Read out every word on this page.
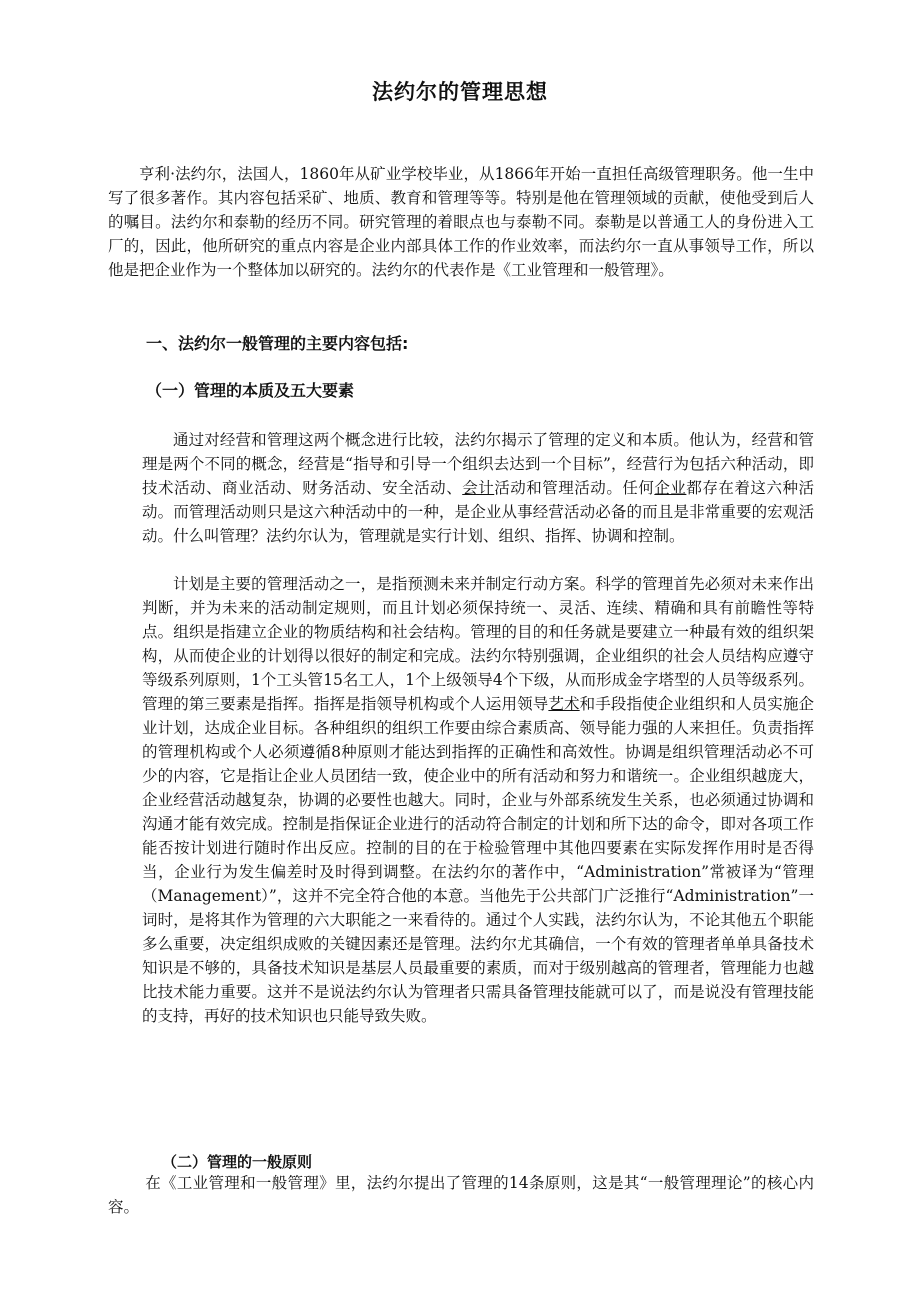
法约尔的管理思想

亨利·法约尔，法国人，1860年从矿业学校毕业，从1866年开始一直担任高级管理职务。他一生中写了很多著作。其内容包括采矿、地质、教育和管理等等。特别是他在管理领域的贡献，使他受到后人的嘱目。法约尔和泰勒的经历不同。研究管理的着眼点也与泰勒不同。泰勒是以普通工人的身份进入工厂的，因此，他所研究的重点内容是企业内部具体工作的作业效率，而法约尔一直从事领导工作，所以他是把企业作为一个整体加以研究的。法约尔的代表作是《工业管理和一般管理》。

一、法约尔一般管理的主要内容包括:
（一）管理的本质及五大要素

通过对经营和管理这两个概念进行比较，法约尔揭示了管理的定义和本质。他认为，经营和管理是两个不同的概念，经营是“指导和引导一个组织去达到一个目标”，经营行为包括六种活动，即技术活动、商业活动、财务活动、安全活动、会计活动和管理活动。任何企业都存在着这六种活动。而管理活动则只是这六种活动中的一种，是企业从事经营活动必备的而且是非常重要的宏观活动。什么叫管理？法约尔认为，管理就是实行计划、组织、指挥、协调和控制。

计划是主要的管理活动之一，是指预测未来并制定行动方案。科学的管理首先必须对未来作出判断，并为未来的活动制定规则，而且计划必须保持统一、灵活、连续、精确和具有前瞻性等特点。组织是指建立企业的物质结构和社会结构。管理的目的和任务就是要建立一种最有效的组织架构，从而使企业的计划得以很好的制定和完成。法约尔特别强调，企业组织的社会人员结构应遵守等级系列原则，1个工头管15名工人，1个上级领导4个下级，从而形成金字塔型的人员等级系列。管理的第三要素是指挥。指挥是指领导机构或个人运用领导艺术和手段指使企业组织和人员实施企业计划，达成企业目标。各种组织的组织工作要由综合素质高、领导能力强的人来担任。负责指挥的管理机构或个人必须遵循8种原则才能达到指挥的正确性和高效性。协调是组织管理活动必不可少的内容，它是指让企业人员团结一致，使企业中的所有活动和努力和谐统一。企业组织越庞大，企业经营活动越复杂，协调的必要性也越大。同时，企业与外部系统发生关系，也必须通过协调和沟通才能有效完成。控制是指保证企业进行的活动符合制定的计划和所下达的命令，即对各项工作能否按计划进行随时作出反应。控制的目的在于检验管理中其他四要素在实际发挥作用时是否得当，企业行为发生偏差时及时得到调整。在法约尔的著作中，“Administration”常被译为“管理（Management）”，这并不完全符合他的本意。当他先于公共部门广泛推行“Administration”一词时，是将其作为管理的六大职能之一来看待的。通过个人实践，法约尔认为，不论其他五个职能多么重要，决定组织成败的关键因素还是管理。法约尔尤其确信，一个有效的管理者单单具备技术知识是不够的，具备技术知识是基层人员最重要的素质，而对于级别越高的管理者，管理能力也越比技术能力重要。这并不是说法约尔认为管理者只需具备管理技能就可以了，而是说没有管理技能的支持，再好的技术知识也只能导致失败。

（二）管理的一般原则

在《工业管理和一般管理》里，法约尔提出了管理的14条原则，这是其“一般管理理论”的核心内容。
